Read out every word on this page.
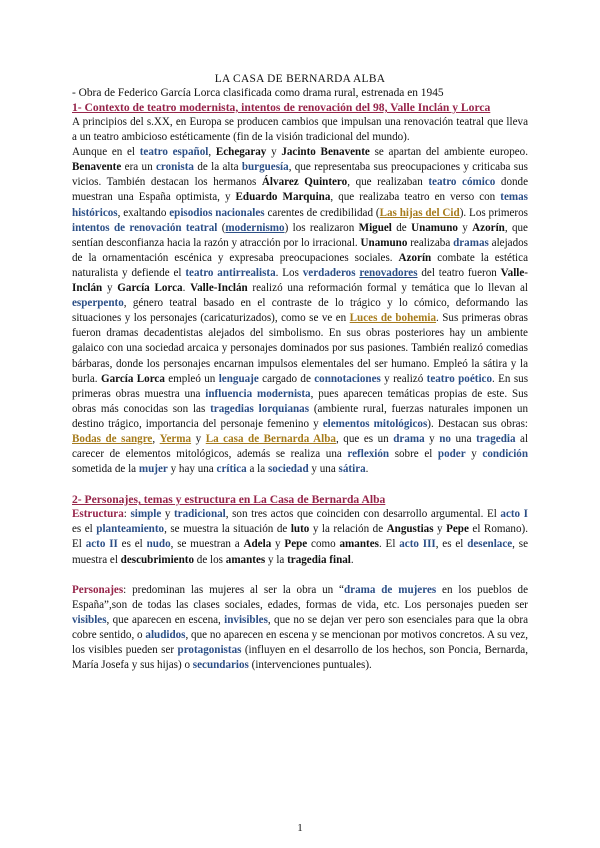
LA CASA DE BERNARDA ALBA

- Obra de Federico García Lorca clasificada como drama rural, estrenada en 1945

1- Contexto de teatro modernista, intentos de renovación del 98, Valle Inclán y Lorca

A principios del s.XX, en Europa se producen cambios que impulsan una renovación teatral que lleva a un teatro ambicioso estéticamente (fin de la visión tradicional del mundo).

Aunque en el teatro español, Echegaray y Jacinto Benavente se apartan del ambiente europeo. Benavente era un cronista de la alta burguesía, que representaba sus preocupaciones y criticaba sus vicios. También destacan los hermanos Álvarez Quintero, que realizaban teatro cómico donde muestran una España optimista, y Eduardo Marquina, que realizaba teatro en verso con temas históricos, exaltando episodios nacionales carentes de credibilidad (Las hijas del Cid). Los primeros intentos de renovación teatral (modernismo) los realizaron Miguel de Unamuno y Azorín, que sentían desconfianza hacia la razón y atracción por lo irracional. Unamuno realizaba dramas alejados de la ornamentación escénica y expresaba preocupaciones sociales. Azorín combate la estética naturalista y defiende el teatro antirrealista. Los verdaderos renovadores del teatro fueron Valle-Inclán y García Lorca. Valle-Inclán realizó una reformación formal y temática que lo llevan al esperpento, género teatral basado en el contraste de lo trágico y lo cómico, deformando las situaciones y los personajes (caricaturizados), como se ve en Luces de bohemia. Sus primeras obras fueron dramas decadentistas alejados del simbolismo. En sus obras posteriores hay un ambiente galaico con una sociedad arcaica y personajes dominados por sus pasiones. También realizó comedias bárbaras, donde los personajes encarnan impulsos elementales del ser humano. Empleó la sátira y la burla. García Lorca empleó un lenguaje cargado de connotaciones y realizó teatro poético. En sus primeras obras muestra una influencia modernista, pues aparecen temáticas propias de este. Sus obras más conocidas son las tragedias lorquianas (ambiente rural, fuerzas naturales imponen un destino trágico, importancia del personaje femenino y elementos mitológicos). Destacan sus obras: Bodas de sangre, Yerma y La casa de Bernarda Alba, que es un drama y no una tragedia al carecer de elementos mitológicos, además se realiza una reflexión sobre el poder y condición sometida de la mujer y hay una crítica a la sociedad y una sátira.

2- Personajes, temas y estructura en La Casa de Bernarda Alba

Estructura: simple y tradicional, son tres actos que coinciden con desarrollo argumental. El acto I es el planteamiento, se muestra la situación de luto y la relación de Angustias y Pepe el Romano). El acto II es el nudo, se muestran a Adela y Pepe como amantes. El acto III, es el desenlace, se muestra el descubrimiento de los amantes y la tragedia final.

Personajes: predominan las mujeres al ser la obra un “drama de mujeres en los pueblos de España”,son de todas las clases sociales, edades, formas de vida, etc. Los personajes pueden ser visibles, que aparecen en escena, invisibles, que no se dejan ver pero son esenciales para que la obra cobre sentido, o aludidos, que no aparecen en escena y se mencionan por motivos concretos. A su vez, los visibles pueden ser protagonistas (influyen en el desarrollo de los hechos, son Poncia, Bernarda, María Josefa y sus hijas) o secundarios (intervenciones puntuales).

1
